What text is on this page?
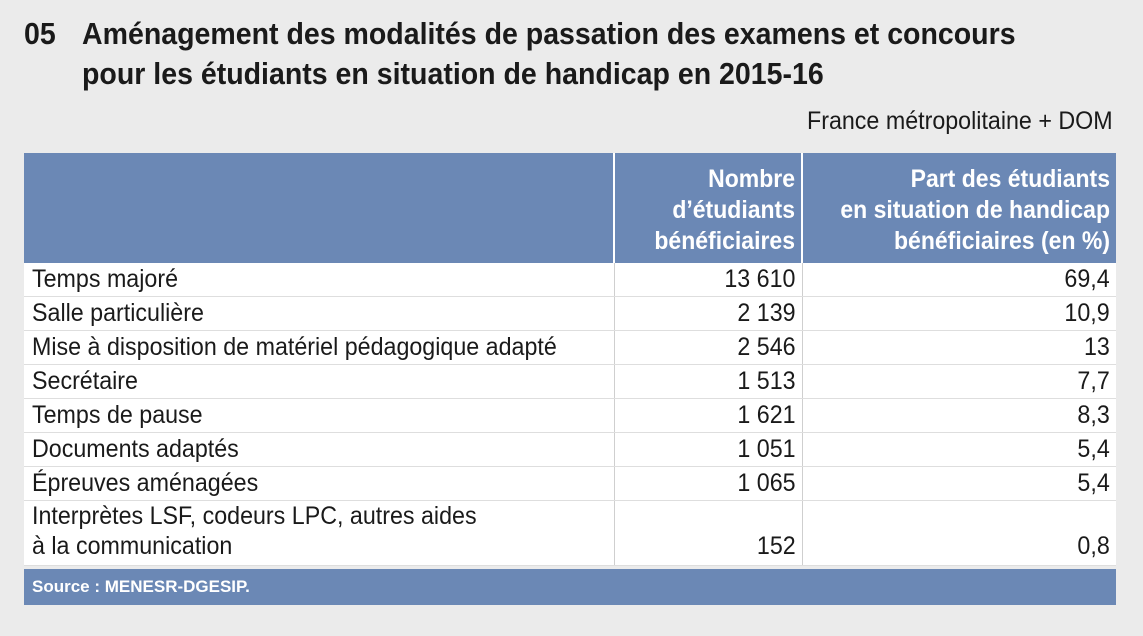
05 Aménagement des modalités de passation des examens et concours
pour les étudiants en situation de handicap en 2015-16
France métropolitaine + DOM

	Nombre
d’étudiants
bénéficiaires	Part des étudiants
en situation de handicap
bénéficiaires (en %)

Temps majoré	13 610	69,4
Salle particulière	2 139	10,9
Mise à disposition de matériel pédagogique adapté	2 546	13
Secrétaire	1 513	7,7
Temps de pause	1 621	8,3
Documents adaptés	1 051	5,4
Épreuves aménagées	1 065	5,4

Interprètes LSF, codeurs LPC, autres aides
à la communication	152	0,8
Source : MENESR-DGESIP.
